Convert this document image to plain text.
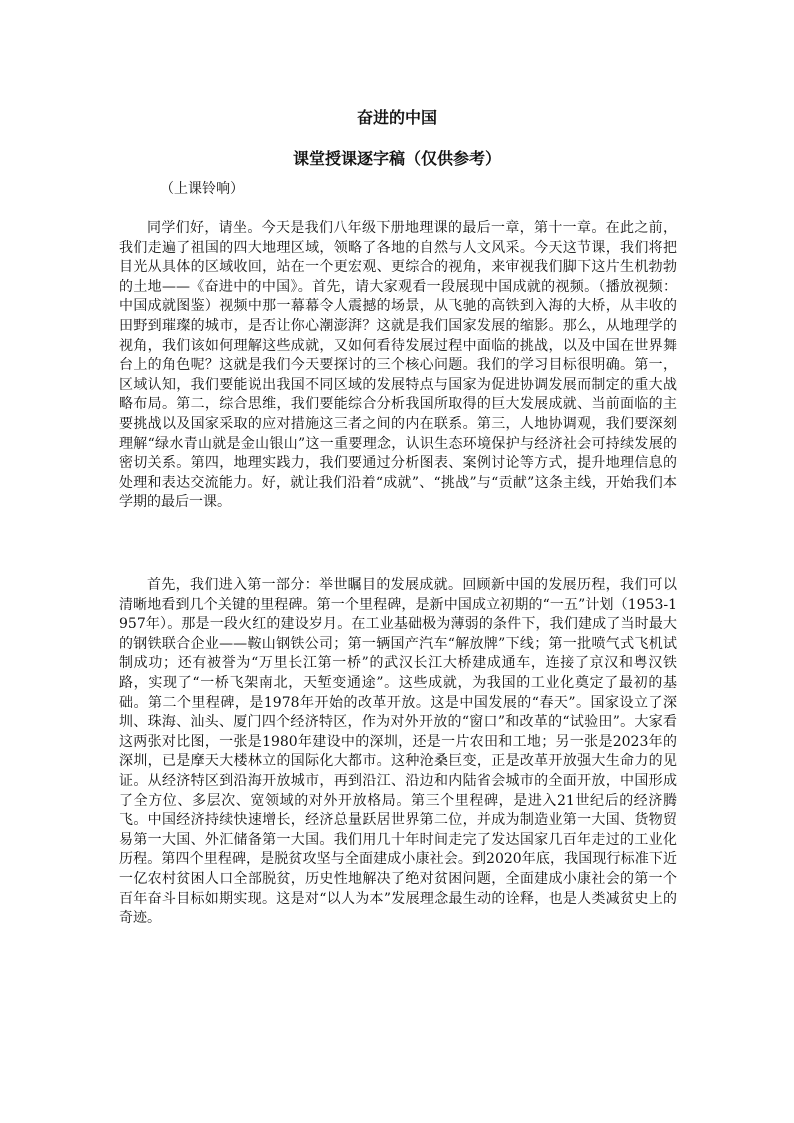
奋进的中国
课堂授课逐字稿（仅供参考）

（上课铃响）

同学们好，请坐。今天是我们八年级下册地理课的最后一章，第十一章。在此之前，我们走遍了祖国的四大地理区域，领略了各地的自然与人文风采。今天这节课，我们将把目光从具体的区域收回，站在一个更宏观、更综合的视角，来审视我们脚下这片生机勃勃的土地——《奋进中的中国》。首先，请大家观看一段展现中国成就的视频。（播放视频：中国成就图鉴）视频中那一幕幕令人震撼的场景，从飞驰的高铁到入海的大桥，从丰收的田野到璀璨的城市，是否让你心潮澎湃？这就是我们国家发展的缩影。那么，从地理学的视角，我们该如何理解这些成就，又如何看待发展过程中面临的挑战，以及中国在世界舞台上的角色呢？这就是我们今天要探讨的三个核心问题。我们的学习目标很明确。第一，区域认知，我们要能说出我国不同区域的发展特点与国家为促进协调发展而制定的重大战略布局。第二，综合思维，我们要能综合分析我国所取得的巨大发展成就、当前面临的主要挑战以及国家采取的应对措施这三者之间的内在联系。第三，人地协调观，我们要深刻理解“绿水青山就是金山银山”这一重要理念，认识生态环境保护与经济社会可持续发展的密切关系。第四，地理实践力，我们要通过分析图表、案例讨论等方式，提升地理信息的处理和表达交流能力。好，就让我们沿着“成就”、“挑战”与“贡献”这条主线，开始我们本学期的最后一课。

首先，我们进入第一部分：举世瞩目的发展成就。回顾新中国的发展历程，我们可以清晰地看到几个关键的里程碑。第一个里程碑，是新中国成立初期的“一五”计划（1953-1957年）。那是一段火红的建设岁月。在工业基础极为薄弱的条件下，我们建成了当时最大的钢铁联合企业——鞍山钢铁公司；第一辆国产汽车“解放牌”下线；第一批喷气式飞机试制成功；还有被誉为“万里长江第一桥”的武汉长江大桥建成通车，连接了京汉和粤汉铁路，实现了“一桥飞架南北，天堑变通途”。这些成就，为我国的工业化奠定了最初的基础。第二个里程碑，是1978年开始的改革开放。这是中国发展的“春天”。国家设立了深圳、珠海、汕头、厦门四个经济特区，作为对外开放的“窗口”和改革的“试验田”。大家看这两张对比图，一张是1980年建设中的深圳，还是一片农田和工地；另一张是2023年的深圳，已是摩天大楼林立的国际化大都市。这种沧桑巨变，正是改革开放强大生命力的见证。从经济特区到沿海开放城市，再到沿江、沿边和内陆省会城市的全面开放，中国形成了全方位、多层次、宽领域的对外开放格局。第三个里程碑，是进入21世纪后的经济腾飞。中国经济持续快速增长，经济总量跃居世界第二位，并成为制造业第一大国、货物贸易第一大国、外汇储备第一大国。我们用几十年时间走完了发达国家几百年走过的工业化历程。第四个里程碑，是脱贫攻坚与全面建成小康社会。到2020年底，我国现行标准下近一亿农村贫困人口全部脱贫，历史性地解决了绝对贫困问题，全面建成小康社会的第一个百年奋斗目标如期实现。这是对“以人为本”发展理念最生动的诠释，也是人类减贫史上的奇迹。
